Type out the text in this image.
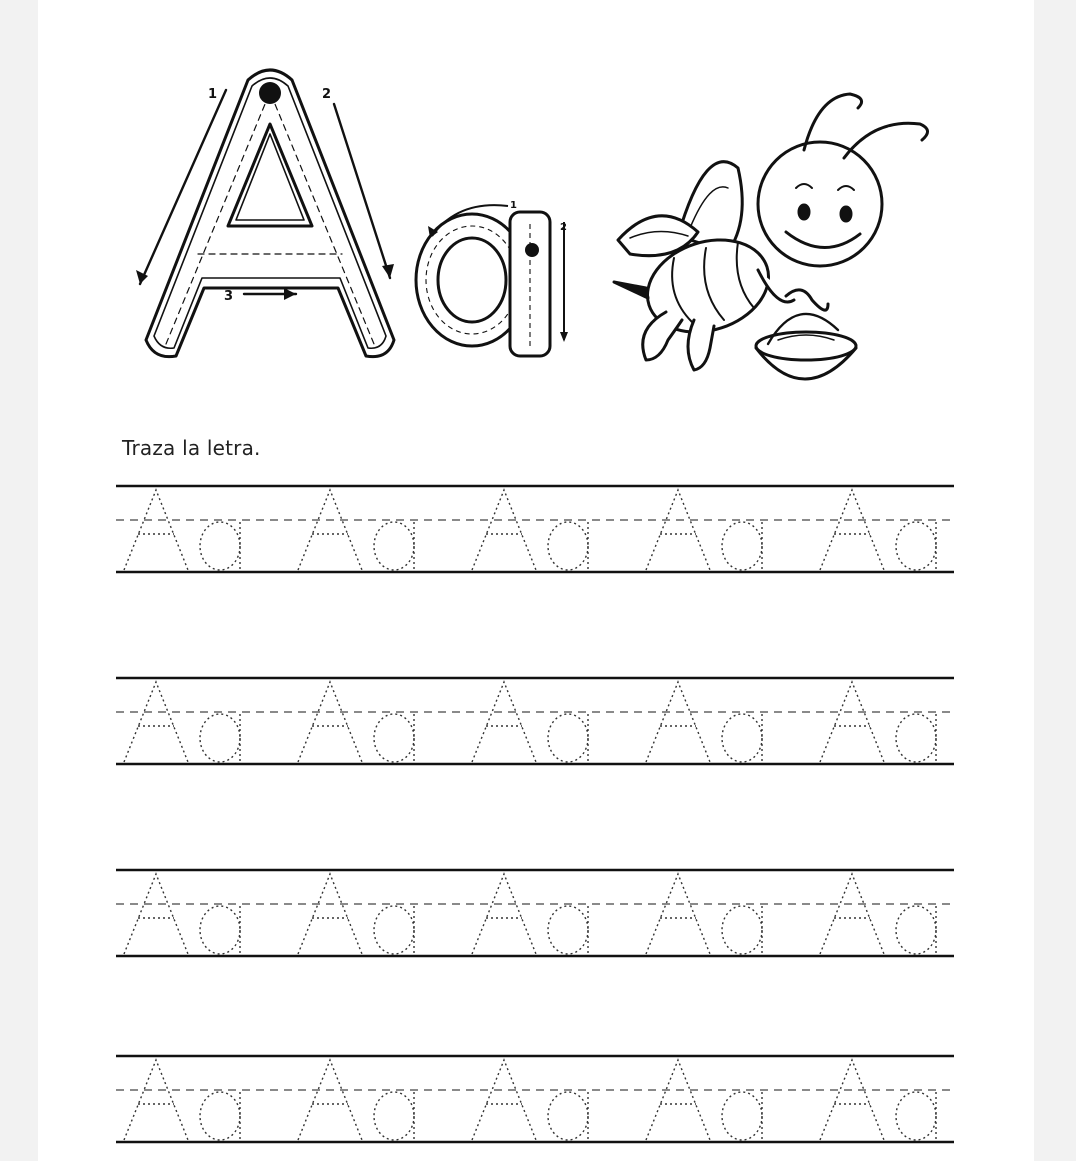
1	2
3
1
2
Traza la letra.
